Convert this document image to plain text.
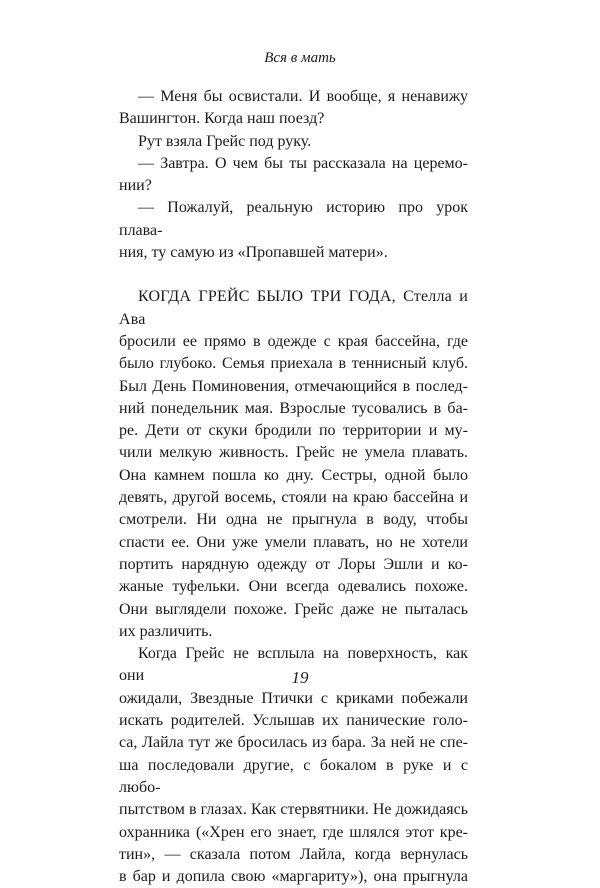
Вся в мать

— Меня бы освистали. И вообще, я ненавижу

Вашингтон. Когда наш поезд?

Рут взяла Грейс под руку.

— Завтра. О чем бы ты рассказала на церемо-

нии?

— Пожалуй, реальную историю про урок плава-

ния, ту самую из «Пропавшей матери».

КОГДА ГРЕЙС БЫЛО ТРИ ГОДА, Стелла и Ава

бросили ее прямо в одежде с края бассейна, где

было глубоко. Семья приехала в теннисный клуб.

Был День Поминовения, отмечающийся в послед-

ний понедельник мая. Взрослые тусовались в ба-

ре. Дети от скуки бродили по территории и му-

чили мелкую живность. Грейс не умела плавать.

Она камнем пошла ко дну. Сестры, одной было

девять, другой восемь, стояли на краю бассейна и

смотрели. Ни одна не прыгнула в воду, чтобы

спасти ее. Они уже умели плавать, но не хотели

портить нарядную одежду от Лоры Эшли и ко-

жаные туфельки. Они всегда одевались похоже.

Они выглядели похоже. Грейс даже не пыталась

их различить.

Когда Грейс не всплыла на поверхность, как они

ожидали, Звездные Птички с криками побежали

искать родителей. Услышав их панические голо-

са, Лайла тут же бросилась из бара. За ней не спе-

ша последовали другие, с бокалом в руке и с любо-

пытством в глазах. Как стервятники. Не дожидаясь

охранника («Хрен его знает, где шлялся этот кре-

тин», — сказала потом Лайла, когда вернулась

в бар и допила свою «маргариту»), она прыгнула

19
